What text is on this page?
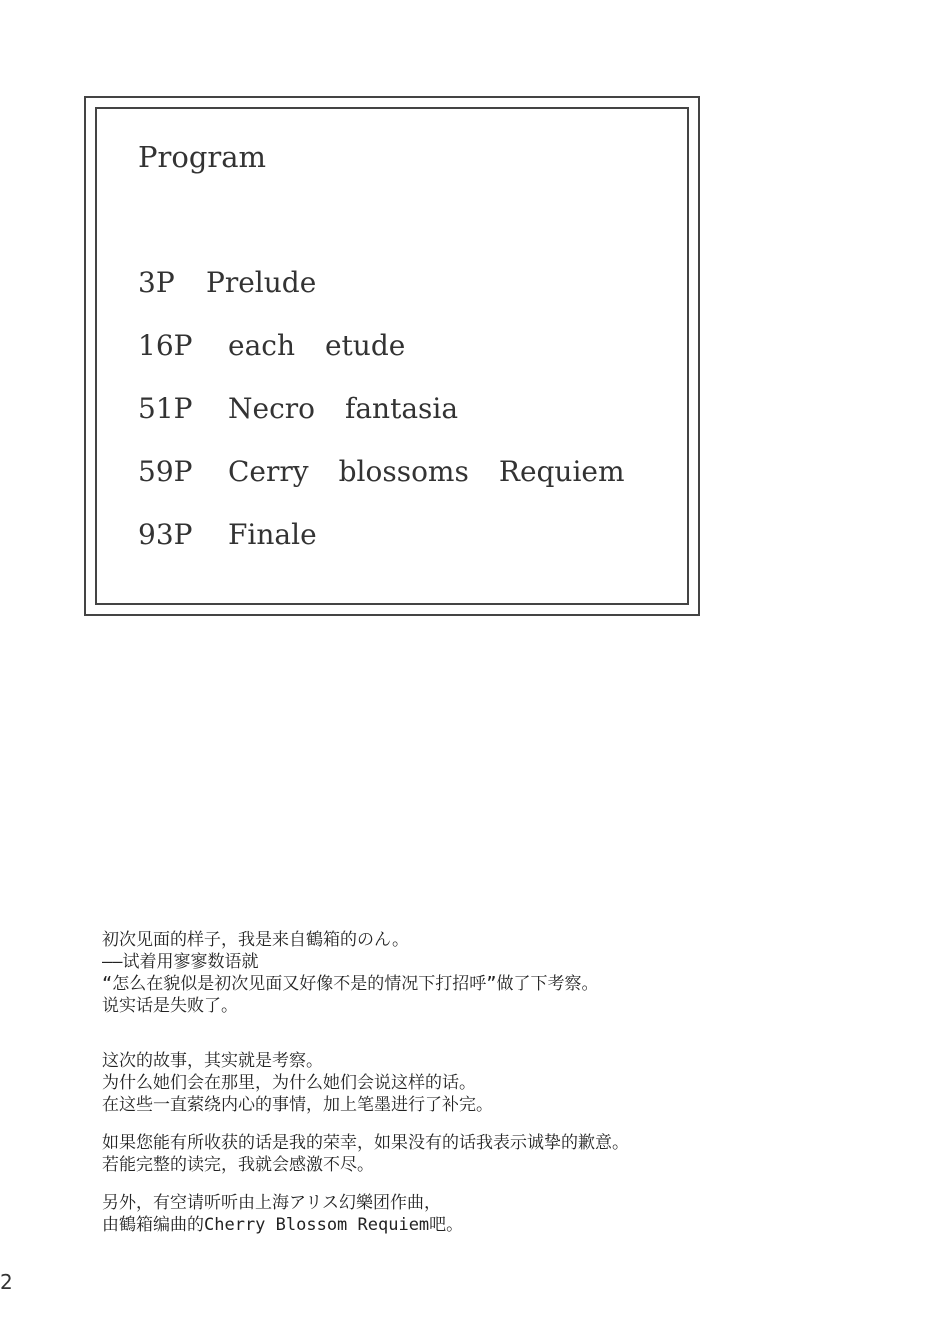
Program
3P Prelude
16P each etude
51P Necro fantasia
59P Cerry blossoms Requiem
93P Finale
初次见面的样子，我是来自鶴箱的のん。
——试着用寥寥数语就
“怎么在貌似是初次见面又好像不是的情况下打招呼”做了下考察。
说实话是失败了。
这次的故事，其实就是考察。
为什么她们会在那里，为什么她们会说这样的话。
在这些一直萦绕内心的事情，加上笔墨进行了补完。
如果您能有所收获的话是我的荣幸，如果没有的话我表示诚挚的歉意。
若能完整的读完，我就会感激不尽。
另外，有空请听听由上海アリス幻樂团作曲，
由鶴箱编曲的Cherry Blossom Requiem吧。
2
